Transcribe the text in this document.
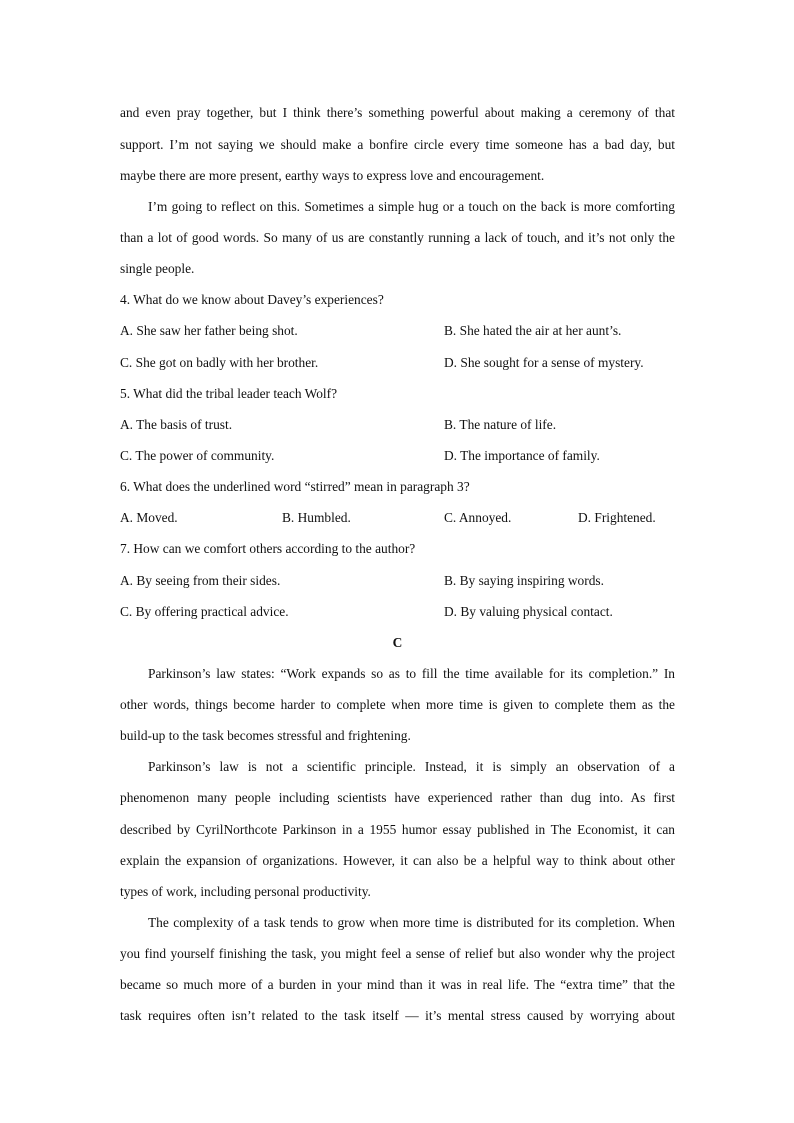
and even pray together, but I think there’s something powerful about making a ceremony of that
support. I’m not saying we should make a bonfire circle every time someone has a bad day, but
maybe there are more present, earthy ways to express love and encouragement.
I’m going to reflect on this. Sometimes a simple hug or a touch on the back is more comforting
than a lot of good words. So many of us are constantly running a lack of touch, and it’s not only the
single people.
4. What do we know about Davey’s experiences?
A. She saw her father being shot.	B. She hated the air at her aunt’s.
C. She got on badly with her brother.	D. She sought for a sense of mystery.
5. What did the tribal leader teach Wolf?
A. The basis of trust.	B. The nature of life.
C. The power of community.	D. The importance of family.
6. What does the underlined word “stirred” mean in paragraph 3?
A. Moved.	B. Humbled.	C. Annoyed.	D. Frightened.
7. How can we comfort others according to the author?
A. By seeing from their sides.	B. By saying inspiring words.
C. By offering practical advice.	D. By valuing physical contact.
C
Parkinson’s law states: “Work expands so as to fill the time available for its completion.” In
other words, things become harder to complete when more time is given to complete them as the
build-up to the task becomes stressful and frightening.
Parkinson’s law is not a scientific principle. Instead, it is simply an observation of a
phenomenon many people including scientists have experienced rather than dug into. As first
described by CyrilNorthcote Parkinson in a 1955 humor essay published in The Economist, it can
explain the expansion of organizations. However, it can also be a helpful way to think about other
types of work, including personal productivity.
The complexity of a task tends to grow when more time is distributed for its completion. When
you find yourself finishing the task, you might feel a sense of relief but also wonder why the project
became so much more of a burden in your mind than it was in real life. The “extra time” that the
task requires often isn’t related to the task itself — it’s mental stress caused by worrying about
